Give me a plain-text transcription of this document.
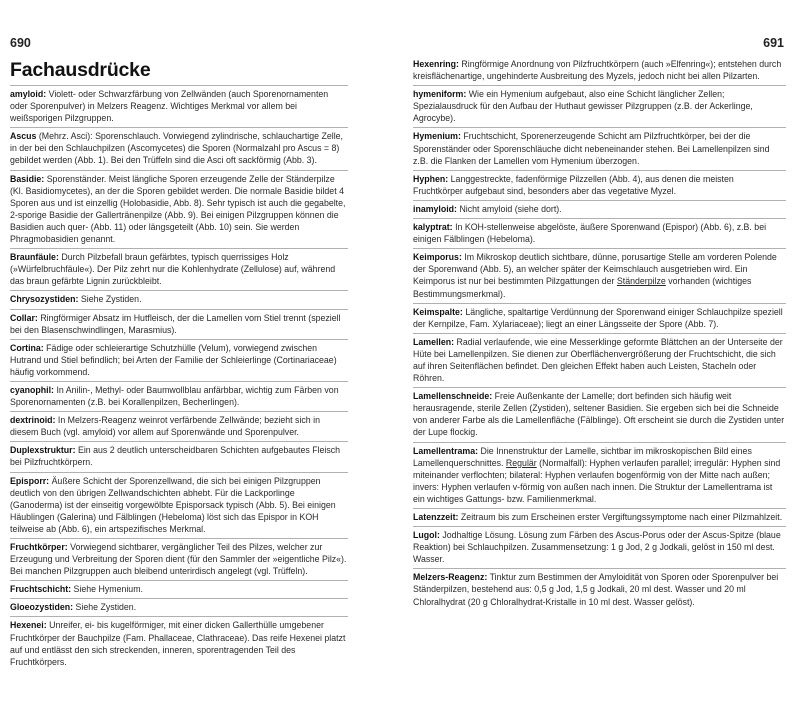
690	691
Fachausdrücke

amyloid: Violett- oder Schwarzfärbung von Zellwänden (auch Sporenornamenten oder Sporenpulver) in Melzers Reagenz. Wichtiges Merkmal vor allem bei weißsporigen Pilzgruppen.

Ascus (Mehrz. Asci): Sporenschlauch. Vorwiegend zylindrische, schlauchartige Zelle, in der bei den Schlauchpilzen (Ascomycetes) die Sporen (Normalzahl pro Ascus = 8) gebildet werden (Abb. 1). Bei den Trüffeln sind die Asci oft sackförmig (Abb. 3).

Basidie: Sporenständer. Meist längliche Sporen erzeugende Zelle der Ständerpilze (Kl. Basidiomycetes), an der die Sporen gebildet werden. Die normale Basidie bildet 4 Sporen aus und ist einzellig (Holobasidie, Abb. 8). Sehr typisch ist auch die gegabelte, 2-sporige Basidie der Gallertränenpilze (Abb. 9). Bei einigen Pilzgruppen können die Basidien auch quer- (Abb. 11) oder längsgeteilt (Abb. 10) sein. Sie werden Phragmobasidien genannt.

Braunfäule: Durch Pilzbefall braun gefärbtes, typisch querrissiges Holz (»Würfelbruchfäule«). Der Pilz zehrt nur die Kohlenhydrate (Zellulose) auf, während das braun gefärbte Lignin zurückbleibt.

Chrysozystiden: Siehe Zystiden.

Collar: Ringförmiger Absatz im Hutfleisch, der die Lamellen vom Stiel trennt (speziell bei den Blasenschwindlingen, Marasmius).

Cortina: Fädige oder schleierartige Schutzhülle (Velum), vorwiegend zwischen Hutrand und Stiel befindlich; bei Arten der Familie der Schleierlinge (Cortinariaceae) häufig vorkommend.

cyanophil: In Anilin-, Methyl- oder Baumwollblau anfärbbar, wichtig zum Färben von Sporenornamenten (z.B. bei Korallenpilzen, Becherlingen).

dextrinoid: In Melzers-Reagenz weinrot verfärbende Zellwände; bezieht sich in diesem Buch (vgl. amyloid) vor allem auf Sporenwände und Sporenpulver.

Duplexstruktur: Ein aus 2 deutlich unterscheidbaren Schichten aufgebautes Fleisch bei Pilzfruchtkörpern.

Episporr: Äußere Schicht der Sporenzellwand, die sich bei einigen Pilzgruppen deutlich von den übrigen Zellwandschichten abhebt. Für die Lackporlinge (Ganoderma) ist der einseitig vorgewölbte Episporsack typisch (Abb. 5). Bei einigen Häublingen (Galerina) und Fälblingen (Hebeloma) löst sich das Epispor in KOH teilweise ab (Abb. 6), ein artspezifisches Merkmal.

Fruchtkörper: Vorwiegend sichtbarer, vergänglicher Teil des Pilzes, welcher zur Erzeugung und Verbreitung der Sporen dient (für den Sammler der »eigentliche Pilz«). Bei manchen Pilzgruppen auch bleibend unterirdisch angelegt (vgl. Trüffeln).

Fruchtschicht: Siehe Hymenium.

Gloeozystiden: Siehe Zystiden.

Hexenei: Unreifer, ei- bis kugelförmiger, mit einer dicken Gallerthülle umgebener Fruchtkörper der Bauchpilze (Fam. Phallaceae, Clathraceae). Das reife Hexenei platzt auf und entlässt den sich streckenden, inneren, sporentragenden Teil des Fruchtkörpers.

Hexenring: Ringförmige Anordnung von Pilzfruchtkörpern (auch »Elfenring«); entstehen durch kreisflächenartige, ungehinderte Ausbreitung des Myzels, jedoch nicht bei allen Pilzarten.

hymeniform: Wie ein Hymenium aufgebaut, also eine Schicht länglicher Zellen; Spezialausdruck für den Aufbau der Huthaut gewisser Pilzgruppen (z.B. der Ackerlinge, Agrocybe).

Hymenium: Fruchtschicht, Sporenerzeugende Schicht am Pilzfruchtkörper, bei der die Sporenständer oder Sporenschläuche dicht nebeneinander stehen. Bei Lamellenpilzen sind z.B. die Flanken der Lamellen vom Hymenium überzogen.

Hyphen: Langgestreckte, fadenförmige Pilzzellen (Abb. 4), aus denen die meisten Fruchtkörper aufgebaut sind, besonders aber das vegetative Myzel.

inamyloid: Nicht amyloid (siehe dort).

kalyptrat: In KOH-stellenweise abgelöste, äußere Sporenwand (Epispor) (Abb. 6), z.B. bei einigen Fälblingen (Hebeloma).

Keimporus: Im Mikroskop deutlich sichtbare, dünne, porusartige Stelle am vorderen Polende der Sporenwand (Abb. 5), an welcher später der Keimschlauch ausgetrieben wird. Ein Keimporus ist nur bei bestimmten Pilzgattungen der Ständerpilze vorhanden (wichtiges Bestimmungsmerkmal).

Keimspalte: Längliche, spaltartige Verdünnung der Sporenwand einiger Schlauchpilze speziell der Kernpilze, Fam. Xylariaceae); liegt an einer Längsseite der Spore (Abb. 7).

Lamellen: Radial verlaufende, wie eine Messerklinge geformte Blättchen an der Unterseite der Hüte bei Lamellenpilzen. Sie dienen zur Oberflächenvergrößerung der Fruchtschicht, die sich auf ihren Seitenflächen befindet. Den gleichen Effekt haben auch Leisten, Stacheln oder Röhren.

Lamellenschneide: Freie Außenkante der Lamelle; dort befinden sich häufig weit herausragende, sterile Zellen (Zystiden), seltener Basidien. Sie ergeben sich bei die Schneide von anderer Farbe als die Lamellenfläche (Fälblinge). Oft erscheint sie durch die Zystiden unter der Lupe flockig.

Lamellentrama: Die Innenstruktur der Lamelle, sichtbar im mikroskopischen Bild eines Lamellenquerschnittes. Regulär (Normalfall): Hyphen verlaufen parallel; irregulär: Hyphen sind miteinander verflochten; bilateral: Hyphen verlaufen bogenförmig von der Mitte nach außen; invers: Hyphen verlaufen v-förmig von außen nach innen. Die Struktur der Lamellentrama ist ein wichtiges Gattungs- bzw. Familienmerkmal.

Latenzzeit: Zeitraum bis zum Erscheinen erster Vergiftungssymptome nach einer Pilzmahlzeit.

Lugol: Jodhaltige Lösung. Lösung zum Färben des Ascus-Porus oder der Ascus-Spitze (blaue Reaktion) bei Schlauchpilzen. Zusammensetzung: 1 g Jod, 2 g Jodkali, gelöst in 150 ml dest. Wasser.

Melzers-Reagenz: Tinktur zum Bestimmen der Amyloidität von Sporen oder Sporenpulver bei Ständerpilzen, bestehend aus: 0,5 g Jod, 1,5 g Jodkali, 20 ml dest. Wasser und 20 ml Chloralhydrat (20 g Chloralhydrat-Kristalle in 10 ml dest. Wasser gelöst).
